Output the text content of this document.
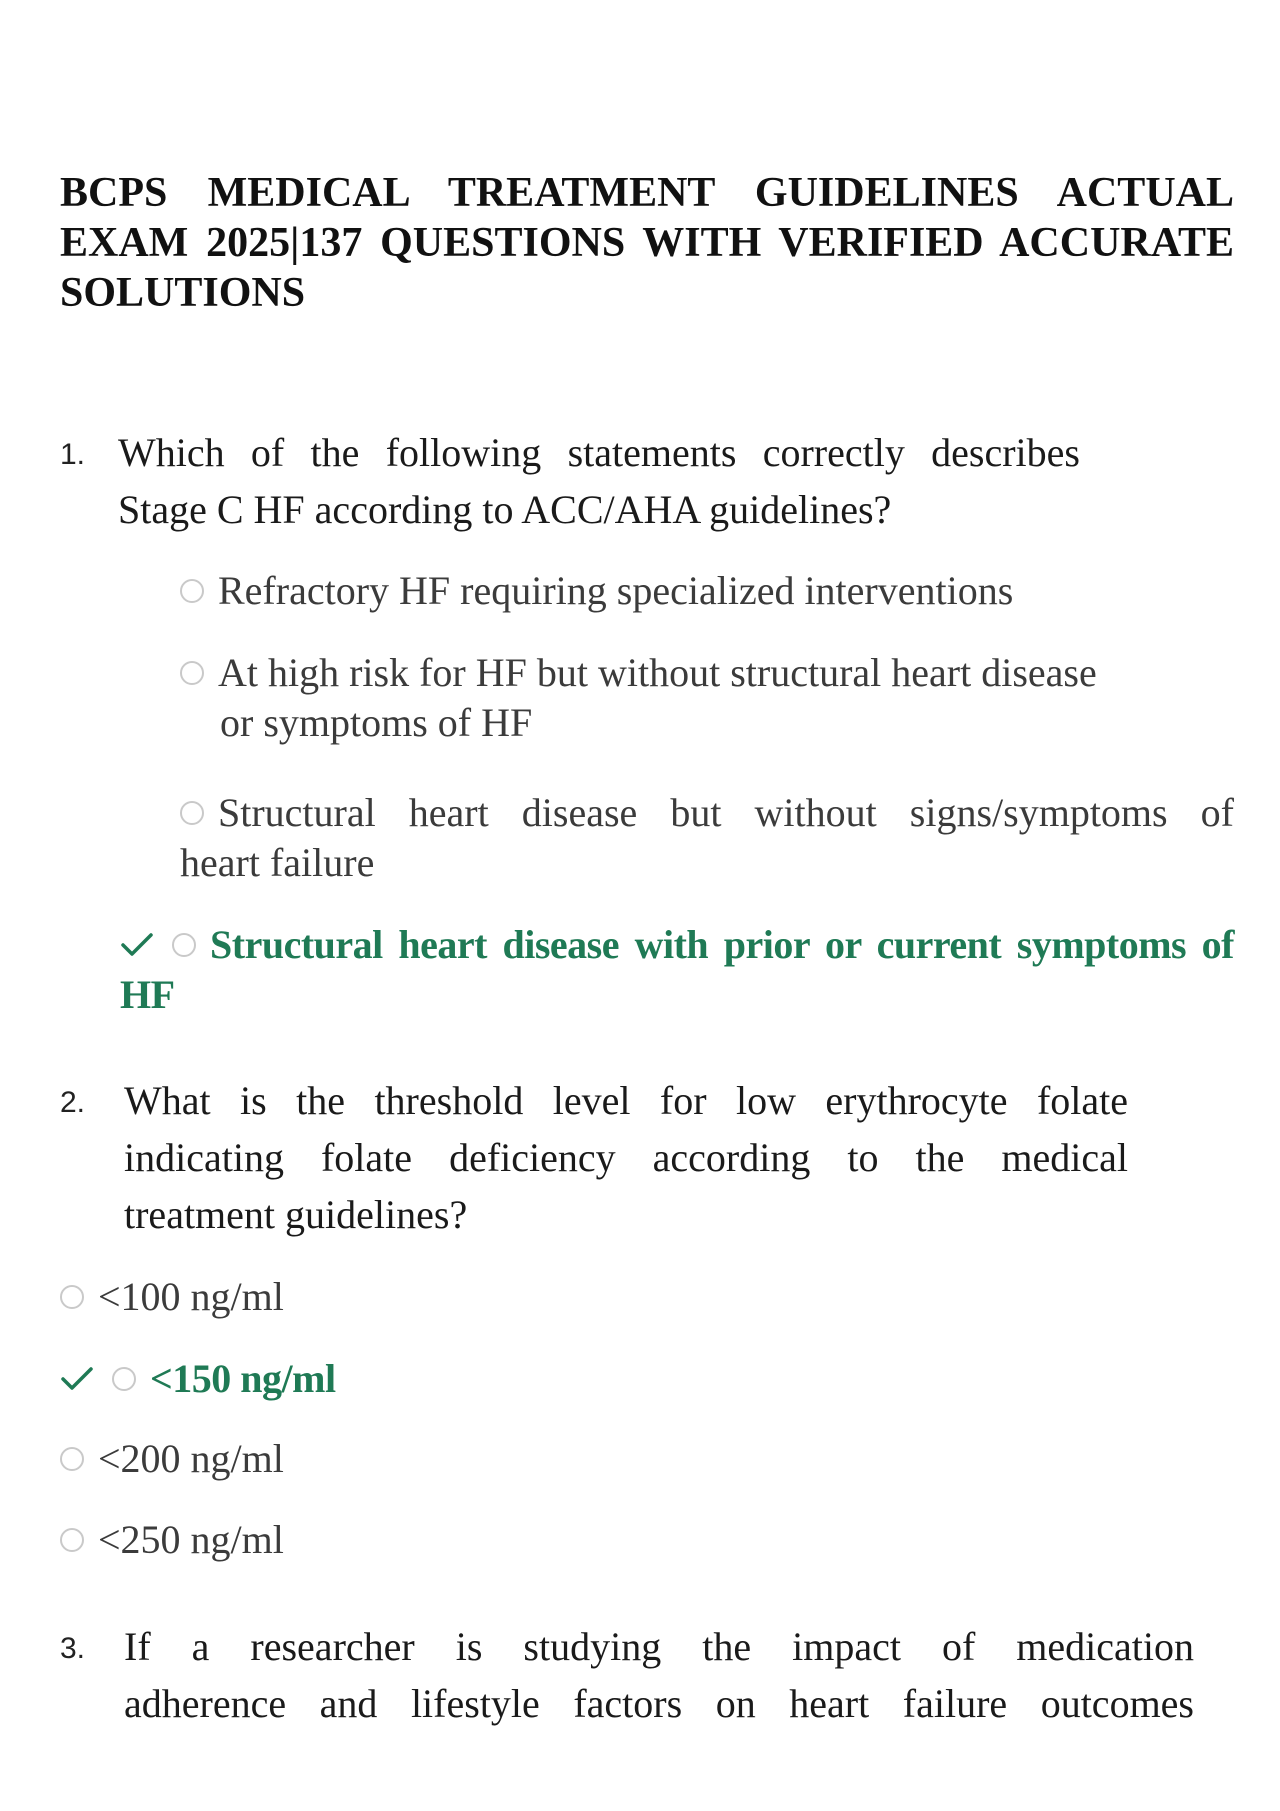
BCPS MEDICAL TREATMENT GUIDELINES ACTUAL EXAM 2025|137 QUESTIONS WITH VERIFIED ACCURATE SOLUTIONS
1. Which of the following statements correctly describes
Stage C HF according to ACC/AHA guidelines?
Refractory HF requiring specialized interventions
At high risk for HF but without structural heart disease
or symptoms of HF
Structural heart disease but without signs/symptoms of
heart failure
Structural heart disease with prior or current symptoms of
HF
2. What is the threshold level for low erythrocyte folate
indicating folate deficiency according to the medical
treatment guidelines?
<100 ng/ml
<150 ng/ml
<200 ng/ml
<250 ng/ml
3. If a researcher is studying the impact of medication
adherence and lifestyle factors on heart failure outcomes
